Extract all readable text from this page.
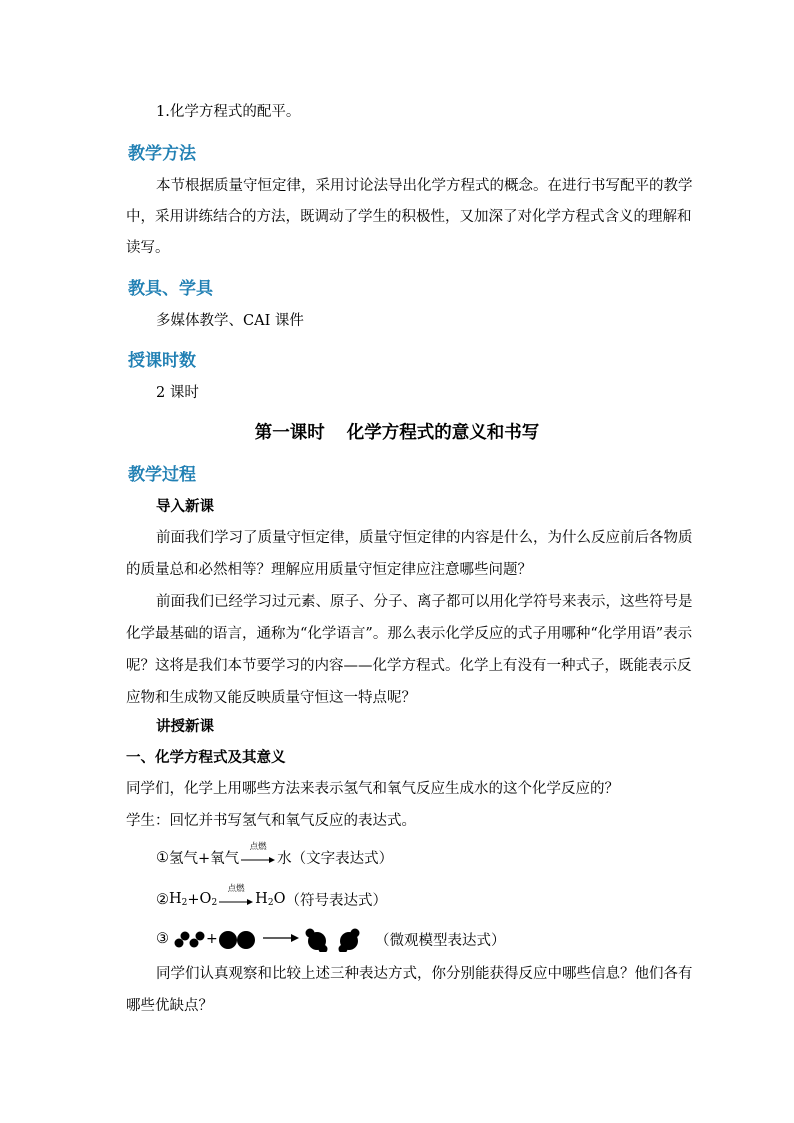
1.化学方程式的配平。
教学方法
本节根据质量守恒定律，采用讨论法导出化学方程式的概念。在进行书写配平的教学
中，采用讲练结合的方法，既调动了学生的积极性，又加深了对化学方程式含义的理解和
读写。
教具、学具
多媒体教学、CAI 课件
授课时数
2 课时
第一课时 化学方程式的意义和书写
教学过程
导入新课
前面我们学习了质量守恒定律，质量守恒定律的内容是什么，为什么反应前后各物质
的质量总和必然相等？理解应用质量守恒定律应注意哪些问题？
前面我们已经学习过元素、原子、分子、离子都可以用化学符号来表示，这些符号是
化学最基础的语言，通称为“化学语言”。那么表示化学反应的式子用哪种“化学用语”表示
呢？这将是我们本节要学习的内容——化学方程式。化学上有没有一种式子，既能表示反
应物和生成物又能反映质量守恒这一特点呢？
讲授新课
一、化学方程式及其意义
同学们，化学上用哪些方法来表示氢气和氧气反应生成水的这个化学反应的？
学生：回忆并书写氢气和氧气反应的表达式。
① 氢气+氧气
点燃
水 （文字表达式）
② $H_2 + O_2$
点燃
$H_2O$ （符号表达式）
③	+	（微观模型表达式）
同学们认真观察和比较上述三种表达方式，你分别能获得反应中哪些信息？他们各有
哪些优缺点？
